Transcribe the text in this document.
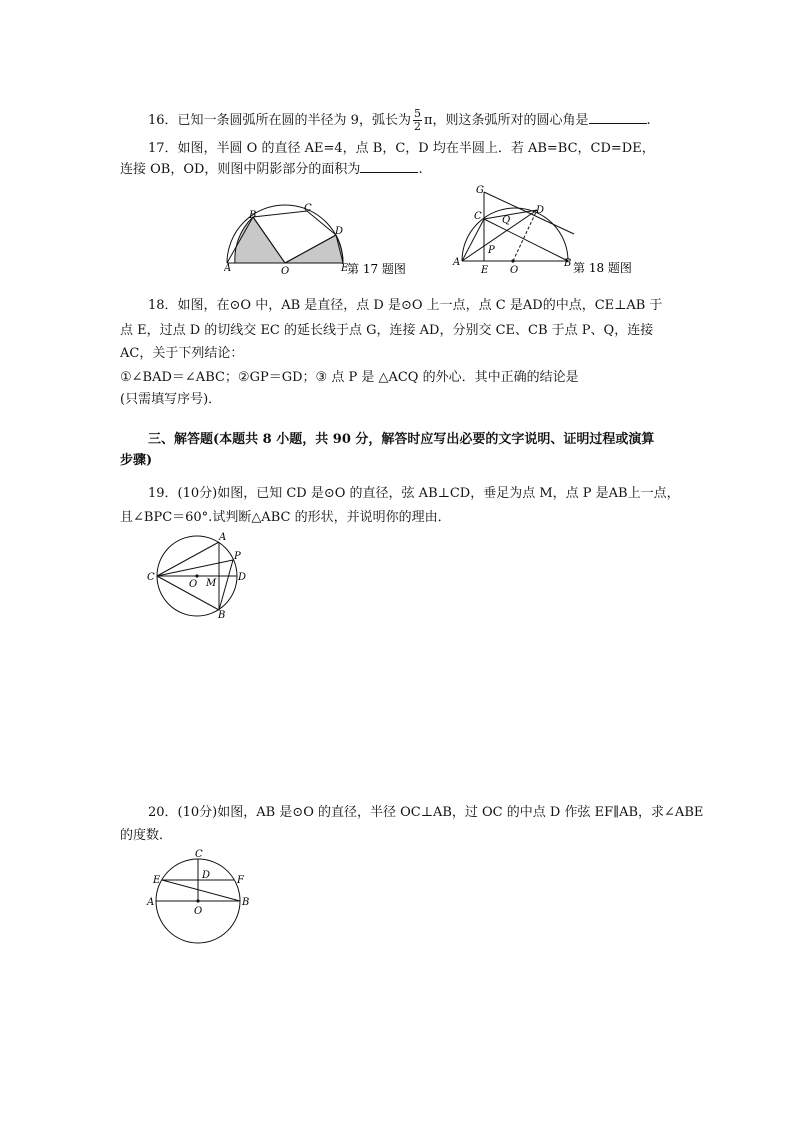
16．已知一条圆弧所在圆的半径为 9，弧长为 $\frac{5}{2}$ π，则这条弧所对的圆心角是	.
17．如图，半圆 O 的直径 AE=4，点 B，C，D 均在半圆上．若 AB=BC，CD=DE，
连接 OB，OD，则图中阴影部分的面积为	.
A
B
C
D
O	E
第 17 题图
G
C Q
D
P
A
E O
B 第 18 题图
18．如图，在⊙O 中，AB 是直径，点 D 是⊙O 上一点，点 C 是AD的中点，CE⊥AB 于
点 E，过点 D 的切线交 EC 的延长线于点 G，连接 AD，分别交 CE、CB 于点 P、Q，连接
AC，关于下列结论：
①∠BAD＝∠ABC；②GP＝GD；③ 点 P 是 △ACQ 的外心．其中正确的结论是
(只需填写序号)．
三、解答题(本题共 8 小题，共 90 分，解答时应写出必要的文字说明、证明过程或演算
步骤)
19．(10分)如图，已知 CD 是⊙O 的直径，弦 AB⊥CD，垂足为点 M，点 P 是AB上一点，
且∠BPC＝60°.试判断△ABC 的形状，并说明你的理由．
A
P
C
O M
D
B
20．(10分)如图，AB 是⊙O 的直径，半径 OC⊥AB，过 OC 的中点 D 作弦 EF∥AB，求∠ABE
的度数．
C
E	D	F
A
O
B
